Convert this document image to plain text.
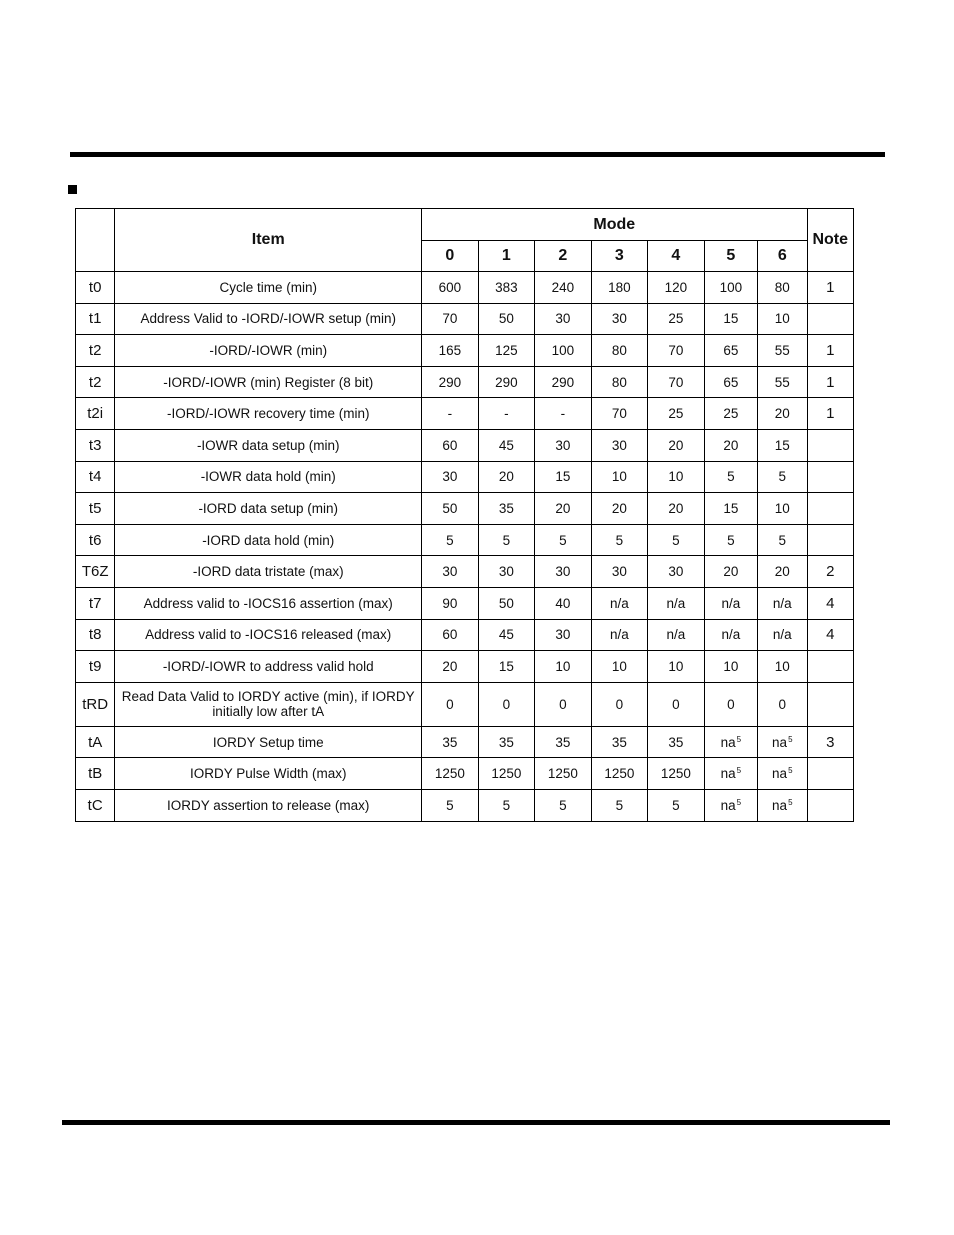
	Item	Mode							Note
		0	1	2	3	4	5	6	
t0	Cycle time (min)	600	383	240	180	120	100	80	1
t1	Address Valid to -IORD/-IOWR setup (min)	70	50	30	30	25	15	10	
t2	-IORD/-IOWR (min)	165	125	100	80	70	65	55	1
t2	-IORD/-IOWR (min) Register (8 bit)	290	290	290	80	70	65	55	1
t2i	-IORD/-IOWR recovery time (min)	-	-	-	70	25	25	20	1
t3	-IOWR data setup (min)	60	45	30	30	20	20	15	
t4	-IOWR data hold (min)	30	20	15	10	10	5	5	
t5	-IORD data setup (min)	50	35	20	20	20	15	10	
t6	-IORD data hold (min)	5	5	5	5	5	5	5	
T6Z	-IORD data tristate (max)	30	30	30	30	30	20	20	2
t7	Address valid to -IOCS16 assertion (max)	90	50	40	n/a	n/a	n/a	n/a	4
t8	Address valid to -IOCS16 released (max)	60	45	30	n/a	n/a	n/a	n/a	4
t9	-IORD/-IOWR to address valid hold	20	15	10	10	10	10	10	
tRD	Read Data Valid to IORDY active (min), if IORDY initially low after tA	0	0	0	0	0	0	0	
tA	IORDY Setup time	35	35	35	35	35	$na^5$	$na^5$	3
tB	IORDY Pulse Width (max)	1250	1250	1250	1250	1250	$na^5$	$na^5$	
tC	IORDY assertion to release (max)	5	5	5	5	5	$na^5$	$na^5$	
